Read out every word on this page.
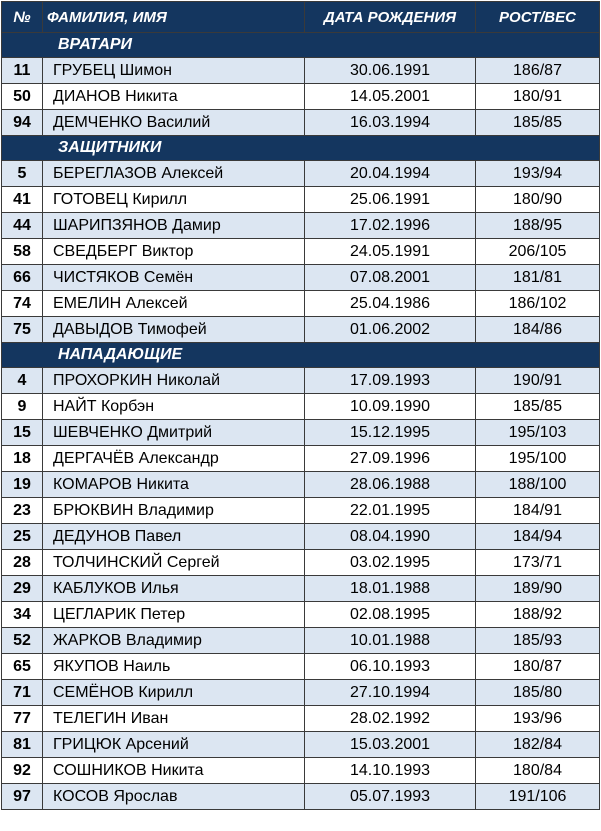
№	ФАМИЛИЯ, ИМЯ	ДАТА РОЖДЕНИЯ	РОСТ/ВЕС
ВРАТАРИ			
11	ГРУБЕЦ Шимон	30.06.1991	186/87
50	ДИАНОВ Никита	14.05.2001	180/91
94	ДЕМЧЕНКО Василий	16.03.1994	185/85
ЗАЩИТНИКИ			
5	БЕРЕГЛАЗОВ Алексей	20.04.1994	193/94
41	ГОТОВЕЦ Кирилл	25.06.1991	180/90
44	ШАРИПЗЯНОВ Дамир	17.02.1996	188/95
58	СВЕДБЕРГ Виктор	24.05.1991	206/105
66	ЧИСТЯКОВ Семён	07.08.2001	181/81
74	ЕМЕЛИН Алексей	25.04.1986	186/102
75	ДАВЫДОВ Тимофей	01.06.2002	184/86
НАПАДАЮЩИЕ			
4	ПРОХОРКИН Николай	17.09.1993	190/91
9	НАЙТ Корбэн	10.09.1990	185/85
15	ШЕВЧЕНКО Дмитрий	15.12.1995	195/103
18	ДЕРГАЧЁВ Александр	27.09.1996	195/100
19	КОМАРОВ Никита	28.06.1988	188/100
23	БРЮКВИН Владимир	22.01.1995	184/91
25	ДЕДУНОВ Павел	08.04.1990	184/94
28	ТОЛЧИНСКИЙ Сергей	03.02.1995	173/71
29	КАБЛУКОВ Илья	18.01.1988	189/90
34	ЦЕГЛАРИК Петер	02.08.1995	188/92
52	ЖАРКОВ Владимир	10.01.1988	185/93
65	ЯКУПОВ Наиль	06.10.1993	180/87
71	СЕМЁНОВ Кирилл	27.10.1994	185/80
77	ТЕЛЕГИН Иван	28.02.1992	193/96
81	ГРИЦЮК Арсений	15.03.2001	182/84
92	СОШНИКОВ Никита	14.10.1993	180/84
97	КОСОВ Ярослав	05.07.1993	191/106
